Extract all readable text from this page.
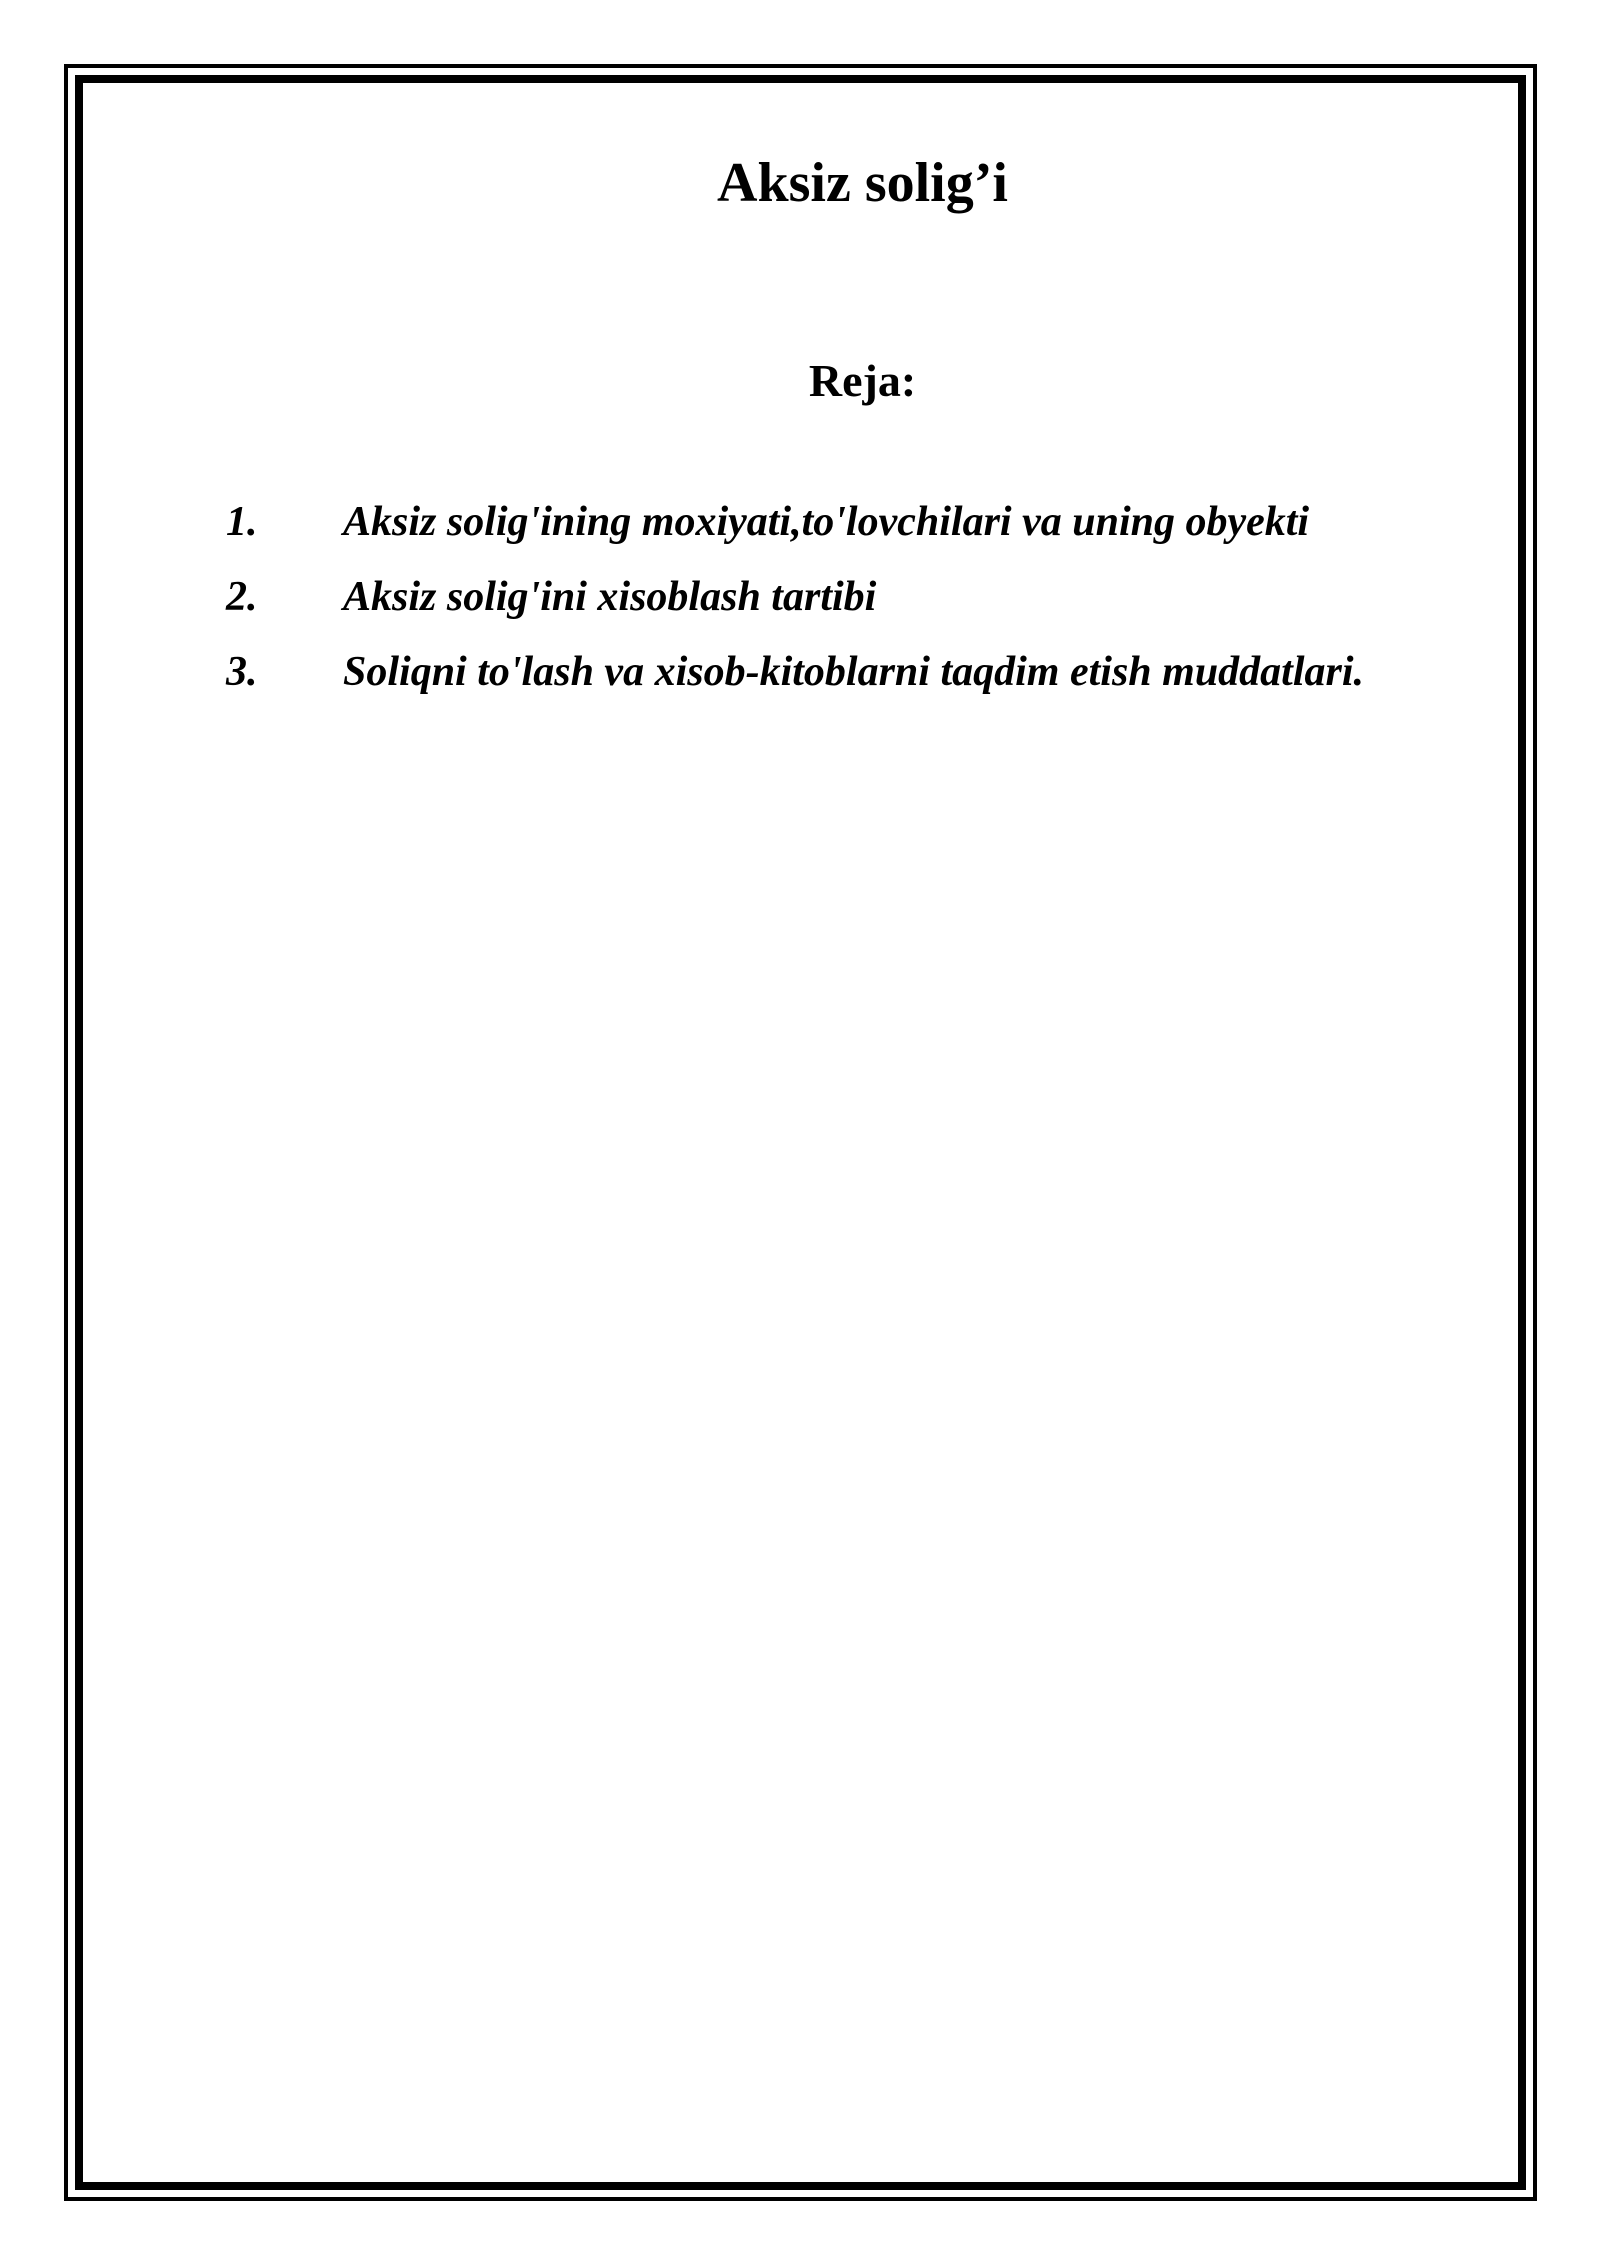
Aksiz solig’i
Reja:
1.	Aksiz solig'ining moxiyati,to'lovchilari va uning obyekti
2.	Aksiz solig'ini xisoblash tartibi
3.	Soliqni to'lash va xisob-kitoblarni taqdim etish muddatlari.
